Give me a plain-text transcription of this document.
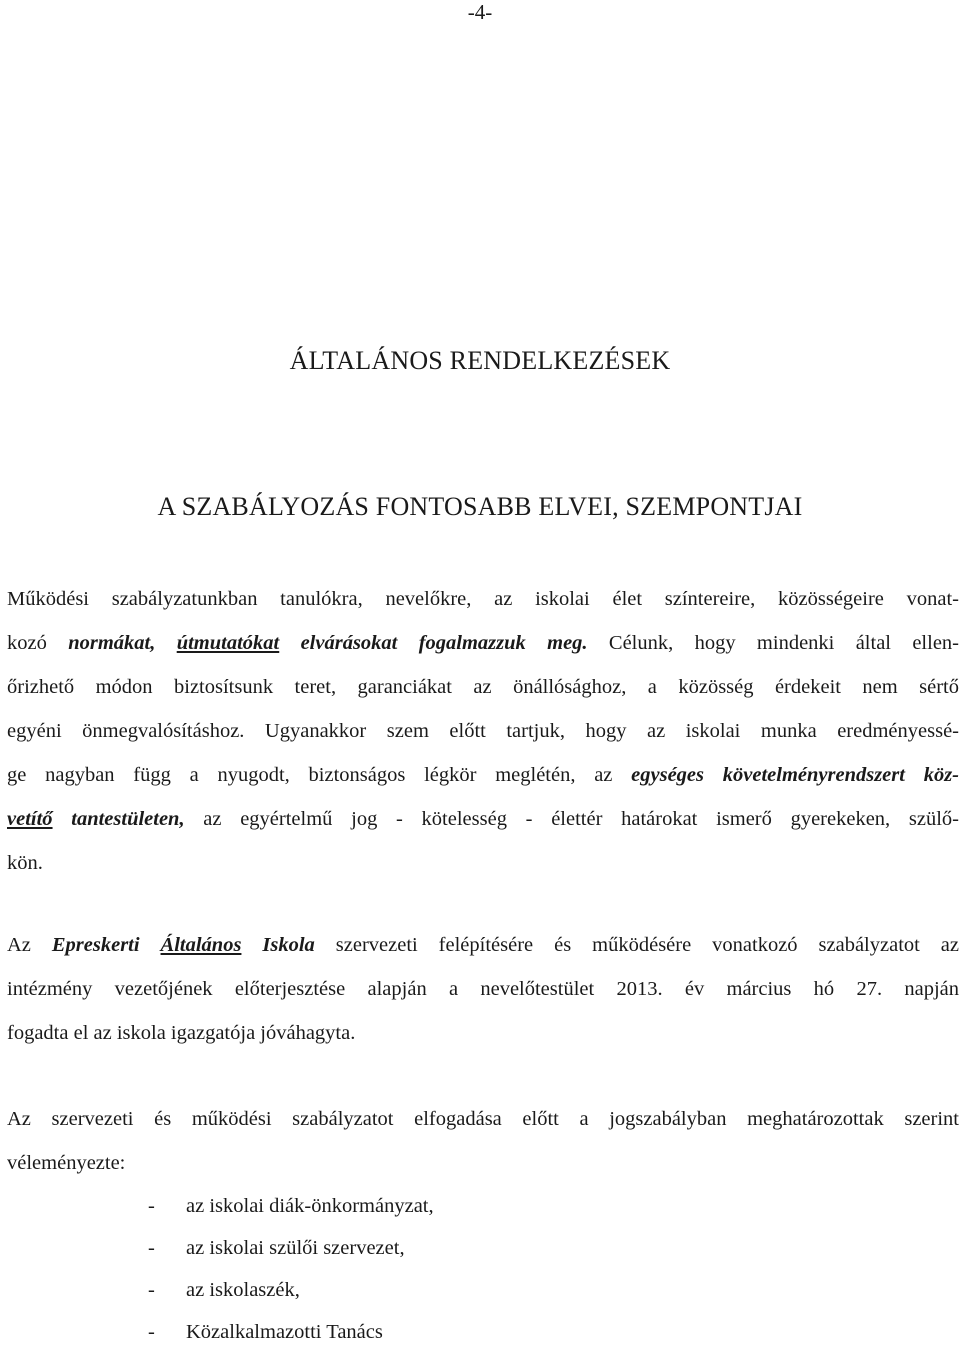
-4-
ÁLTALÁNOS RENDELKEZÉSEK
A SZABÁLYOZÁS FONTOSABB ELVEI, SZEMPONTJAI
Működési szabályzatunkban tanulókra, nevelőkre, az iskolai élet színtereire, közösségeire vonat-
kozó normákat, útmutatókat elvárásokat fogalmazzuk meg. Célunk, hogy mindenki által ellen-
őrizhető módon biztosítsunk teret, garanciákat az önállósághoz, a közösség érdekeit nem sértő
egyéni önmegvalósításhoz. Ugyanakkor szem előtt tartjuk, hogy az iskolai munka eredményessé-
ge nagyban függ a nyugodt, biztonságos légkör meglétén, az egységes követelményrendszert köz-
vetítő tantestületen, az egyértelmű jog - kötelesség - élettér határokat ismerő gyerekeken, szülő-
kön.
Az Epreskerti Általános Iskola szervezeti felépítésére és működésére vonatkozó szabályzatot az
intézmény vezetőjének előterjesztése alapján a nevelőtestület 2013. év március hó 27. napján
fogadta el az iskola igazgatója jóváhagyta.
Az szervezeti és működési szabályzatot elfogadása előtt a jogszabályban meghatározottak szerint
véleményezte:
- az iskolai diák-önkormányzat,
- az iskolai szülői szervezet,
- az iskolaszék,
- Közalkalmazotti Tanács
